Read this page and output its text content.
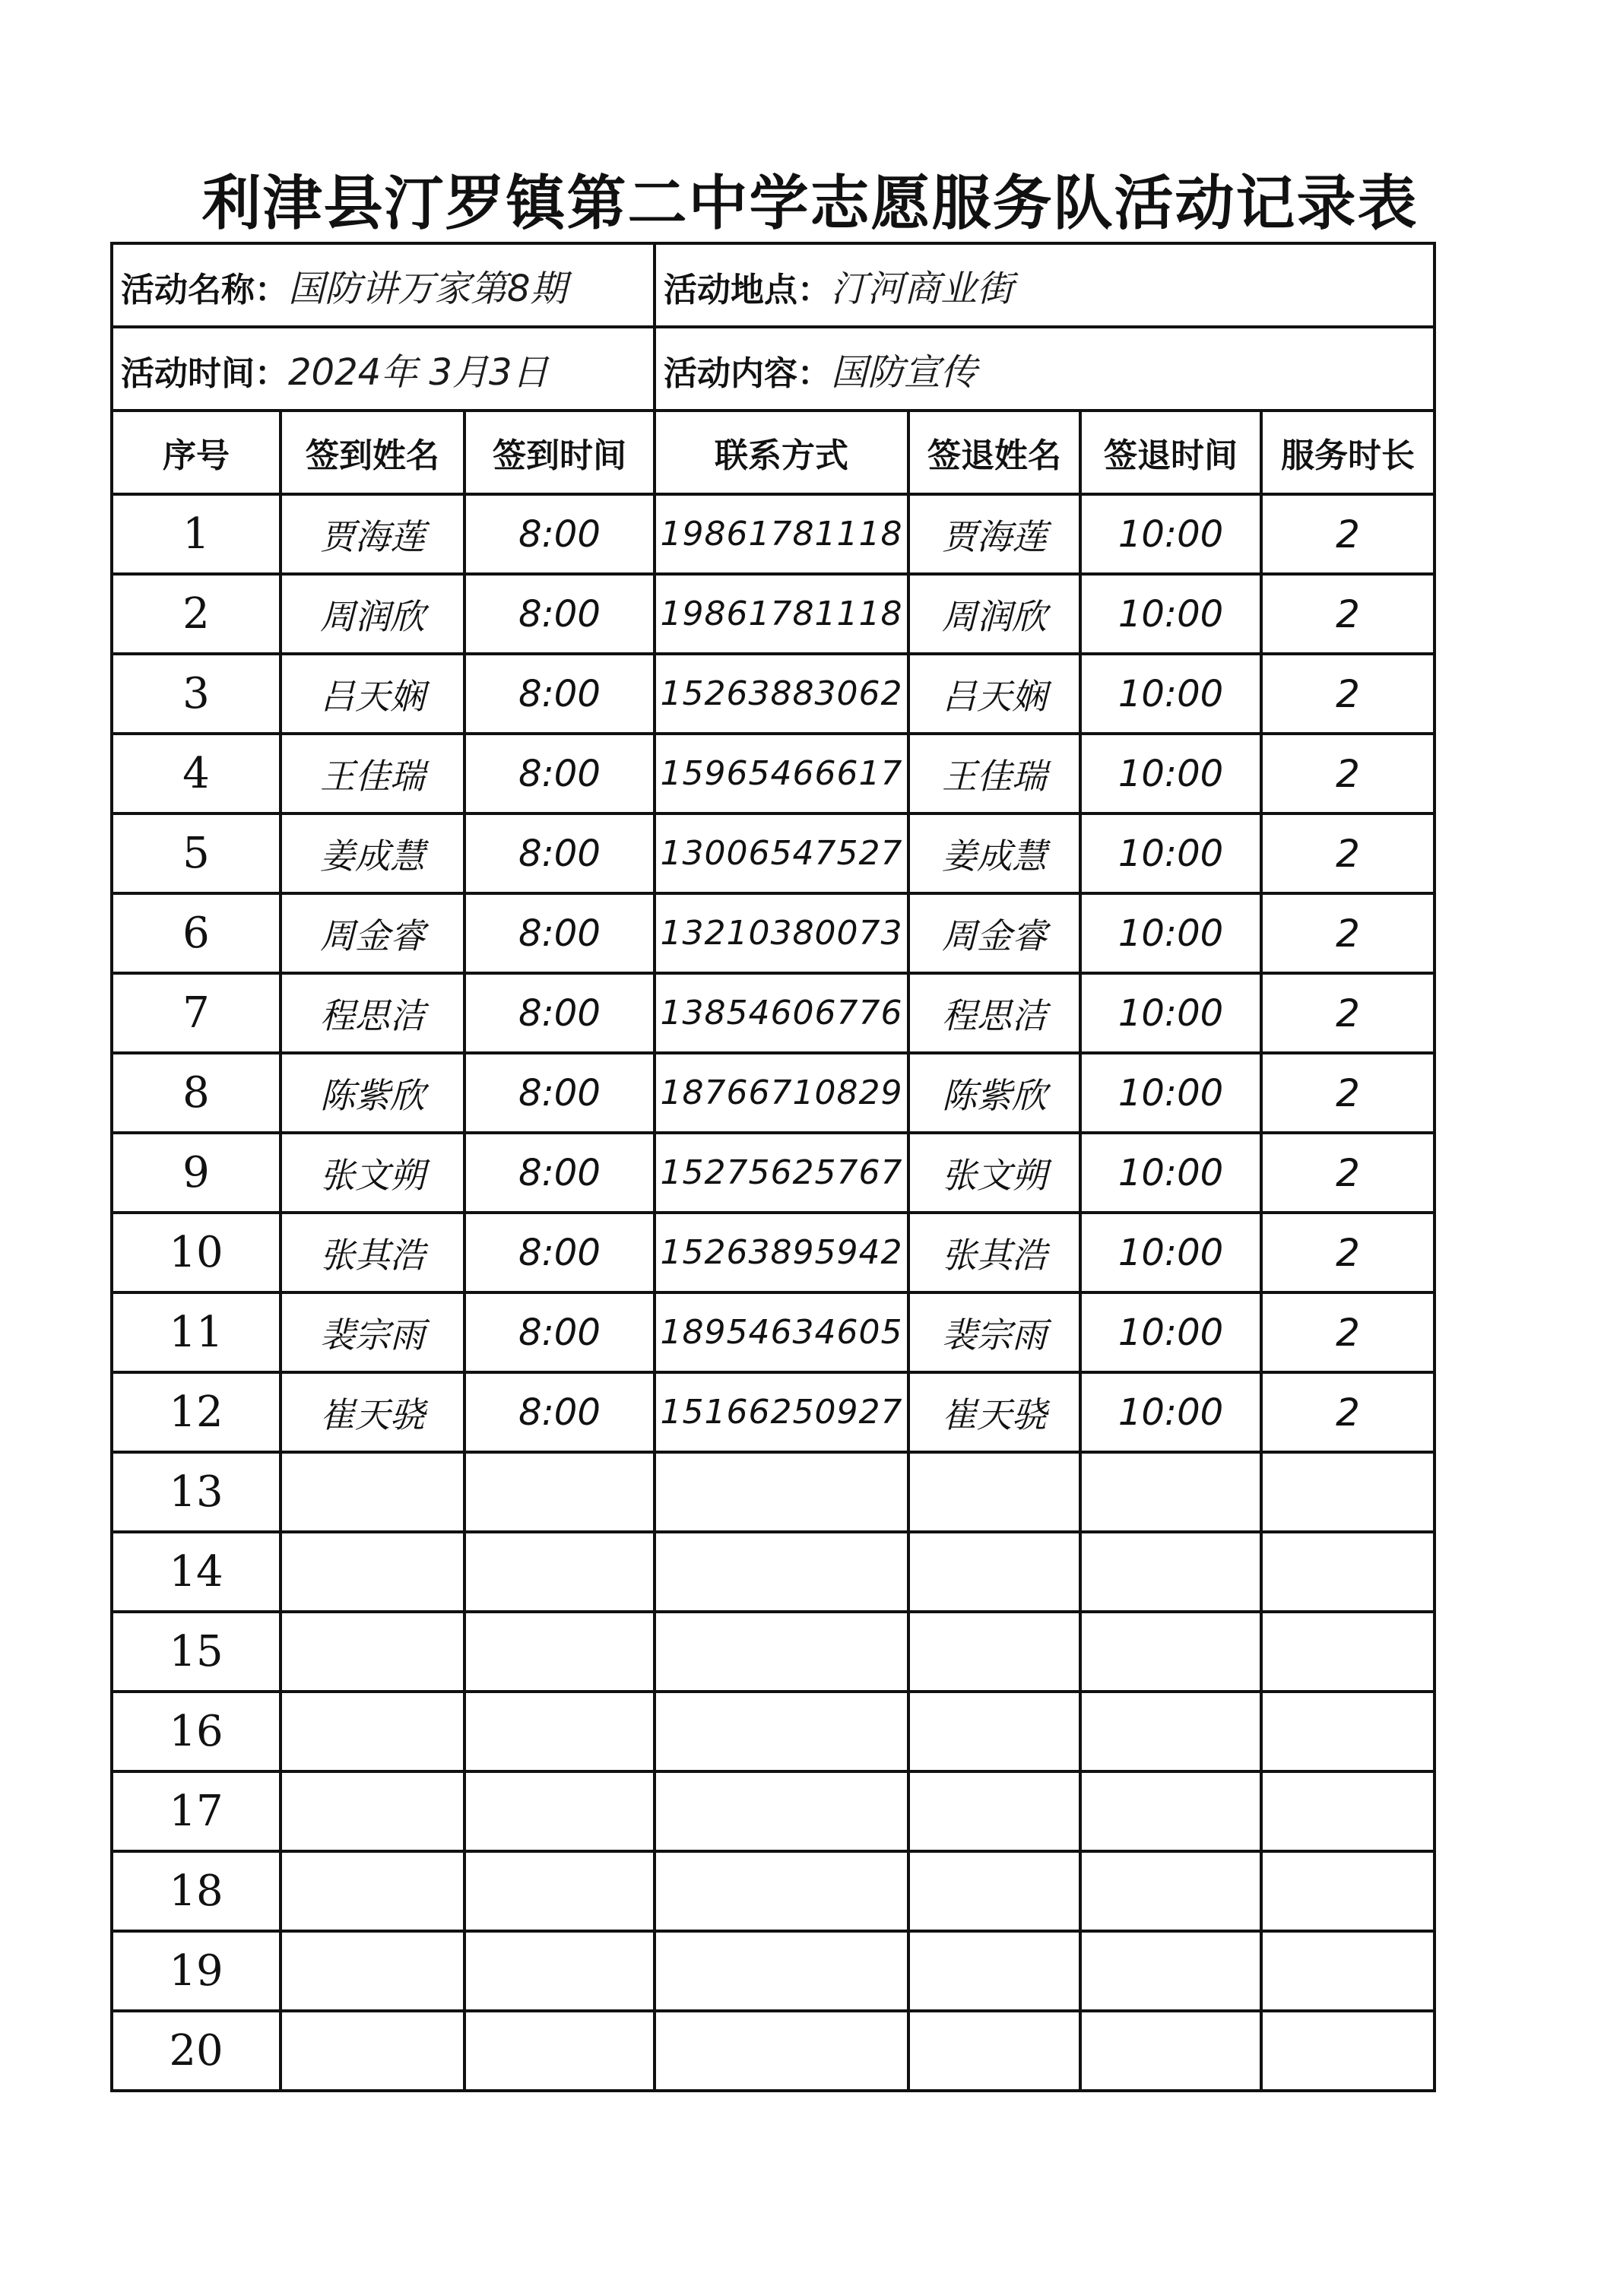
利津县汀罗镇第二中学志愿服务队活动记录表
活动名称：国防讲万家第8期	活动地点：汀河商业街
活动时间：2024年 3月3日	活动内容：国防宣传
序号	签到姓名	签到时间	联系方式	签退姓名	签退时间	服务时长
1	贾海莲	8:00	19861781118	贾海莲	10:00	2
2	周润欣	8:00	19861781118	周润欣	10:00	2
3	吕天娴	8:00	15263883062	吕天娴	10:00	2
4	王佳瑞	8:00	15965466617	王佳瑞	10:00	2
5	姜成慧	8:00	13006547527	姜成慧	10:00	2
6	周金睿	8:00	13210380073	周金睿	10:00	2
7	程思洁	8:00	13854606776	程思洁	10:00	2
8	陈紫欣	8:00	18766710829	陈紫欣	10:00	2
9	张文朔	8:00	15275625767	张文朔	10:00	2
10	张其浩	8:00	15263895942	张其浩	10:00	2
11	裴宗雨	8:00	18954634605	裴宗雨	10:00	2
12	崔天骁	8:00	15166250927	崔天骁	10:00	2
13						
14						
15						
16						
17						
18						
19						
20						
